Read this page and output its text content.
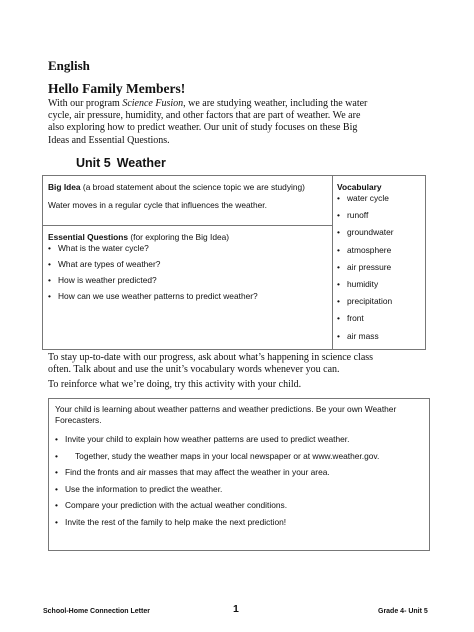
English
Hello Family Members!
With our program Science Fusion, we are studying weather, including the water cycle, air pressure, humidity, and other factors that are part of weather. We are also exploring how to predict weather. Our unit of study focuses on these Big Ideas and Essential Questions.
Unit 5 Weather
Big Idea (a broad statement about the science topic we are studying)
Water moves in a regular cycle that influences the weather.
Essential Questions (for exploring the Big Idea)
• What is the water cycle?
• What are types of weather?
• How is weather predicted?
• How can we use weather patterns to predict weather?
Vocabulary
• water cycle
• runoff
• groundwater
• atmosphere
• air pressure
• humidity
• precipitation
• front
• air mass
To stay up-to-date with our progress, ask about what’s happening in science class often. Talk about and use the unit’s vocabulary words whenever you can.
To reinforce what we’re doing, try this activity with your child.
Your child is learning about weather patterns and weather predictions. Be your own Weather Forecasters.
• Invite your child to explain how weather patterns are used to predict weather.
• Together, study the weather maps in your local newspaper or at www.weather.gov.
• Find the fronts and air masses that may affect the weather in your area.
• Use the information to predict the weather.
• Compare your prediction with the actual weather conditions.
• Invite the rest of the family to help make the next prediction!
School-Home Connection Letter	1	Grade 4- Unit 5
